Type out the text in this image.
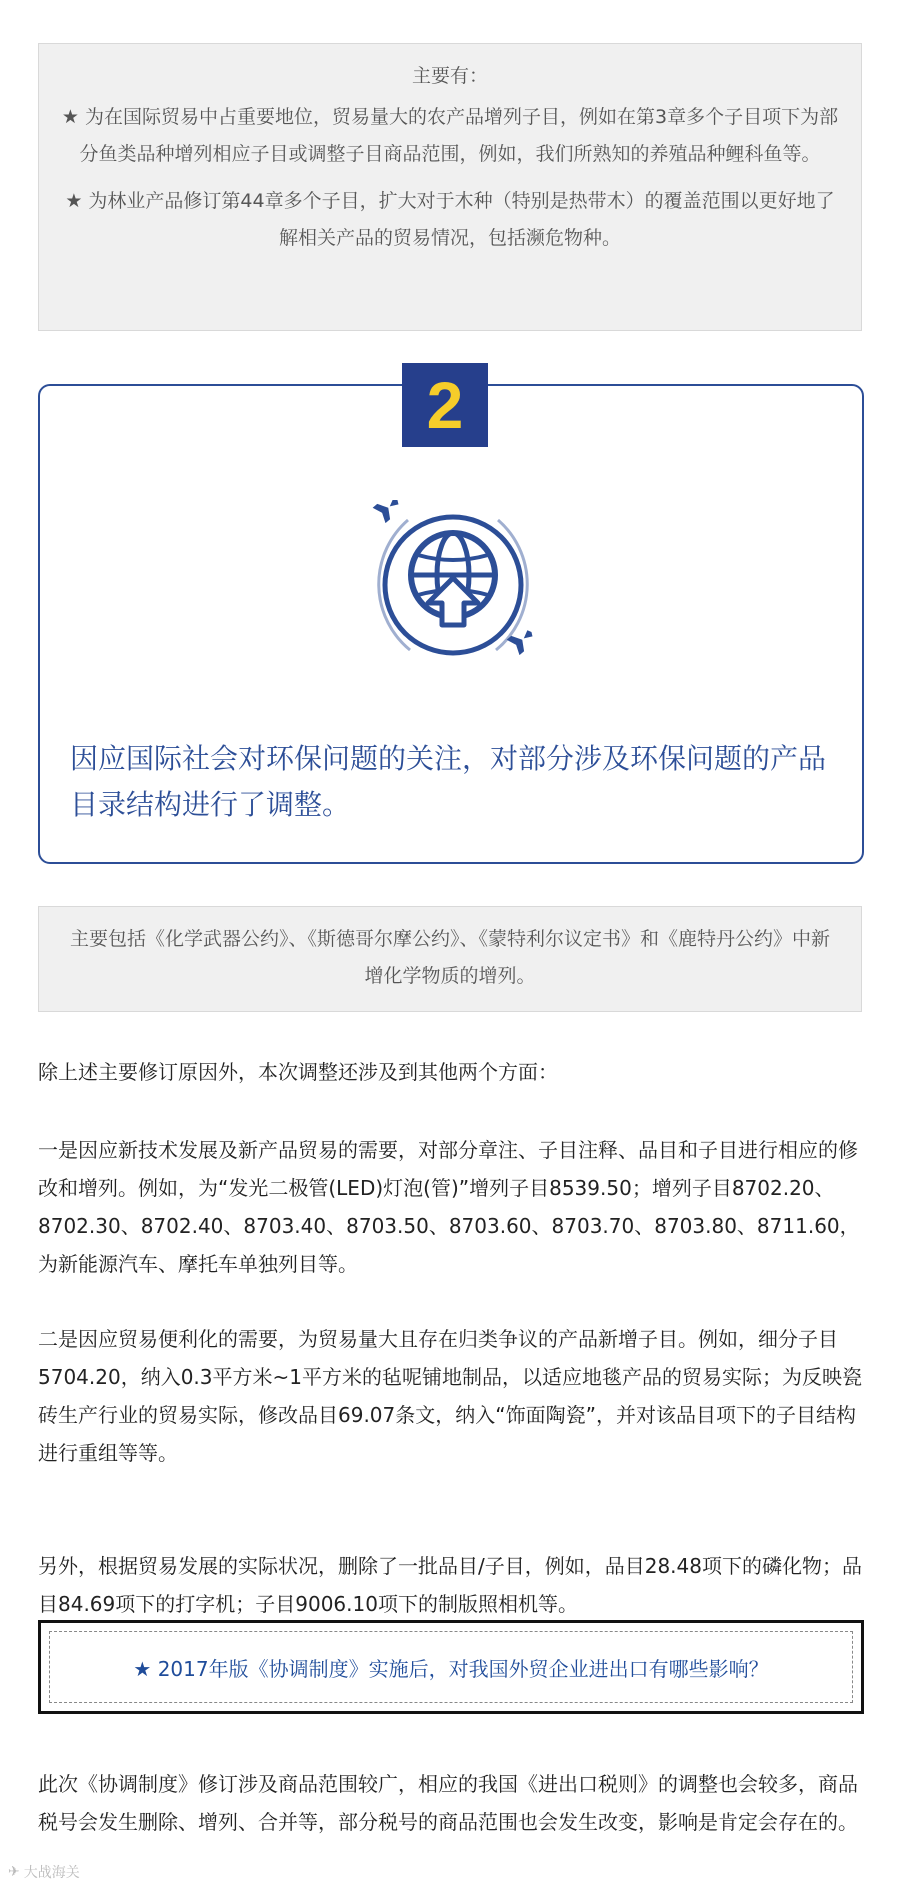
主要有：

★ 为在国际贸易中占重要地位，贸易量大的农产品增列子目，例如在第3章多个子目项下为部分鱼类品种增列相应子目或调整子目商品范围，例如，我们所熟知的养殖品种鲤科鱼等。

★ 为林业产品修订第44章多个子目，扩大对于木种（特别是热带木）的覆盖范围以更好地了解相关产品的贸易情况，包括濒危物种。

2
因应国际社会对环保问题的关注，对部分涉及环保问题的产品目录结构进行了调整。

主要包括《化学武器公约》、《斯德哥尔摩公约》、《蒙特利尔议定书》和《鹿特丹公约》中新增化学物质的增列。

除上述主要修订原因外，本次调整还涉及到其他两个方面：
一是因应新技术发展及新产品贸易的需要，对部分章注、子目注释、品目和子目进行相应的修改和增列。例如，为“发光二极管(LED)灯泡(管)”增列子目8539.50；增列子目8702.20、8702.30、8702.40、8703.40、8703.50、8703.60、8703.70、8703.80、8711.60，为新能源汽车、摩托车单独列目等。
二是因应贸易便利化的需要，为贸易量大且存在归类争议的产品新增子目。例如，细分子目5704.20，纳入0.3平方米~1平方米的毡呢铺地制品，以适应地毯产品的贸易实际；为反映瓷砖生产行业的贸易实际，修改品目69.07条文，纳入“饰面陶瓷”，并对该品目项下的子目结构进行重组等等。
另外，根据贸易发展的实际状况，删除了一批品目/子目，例如，品目28.48项下的磷化物；品目84.69项下的打字机；子目9006.10项下的制版照相机等。
★ 2017年版《协调制度》实施后，对我国外贸企业进出口有哪些影响？
此次《协调制度》修订涉及商品范围较广，相应的我国《进出口税则》的调整也会较多，商品税号会发生删除、增列、合并等，部分税号的商品范围也会发生改变，影响是肯定会存在的。
✈ 大战海关
